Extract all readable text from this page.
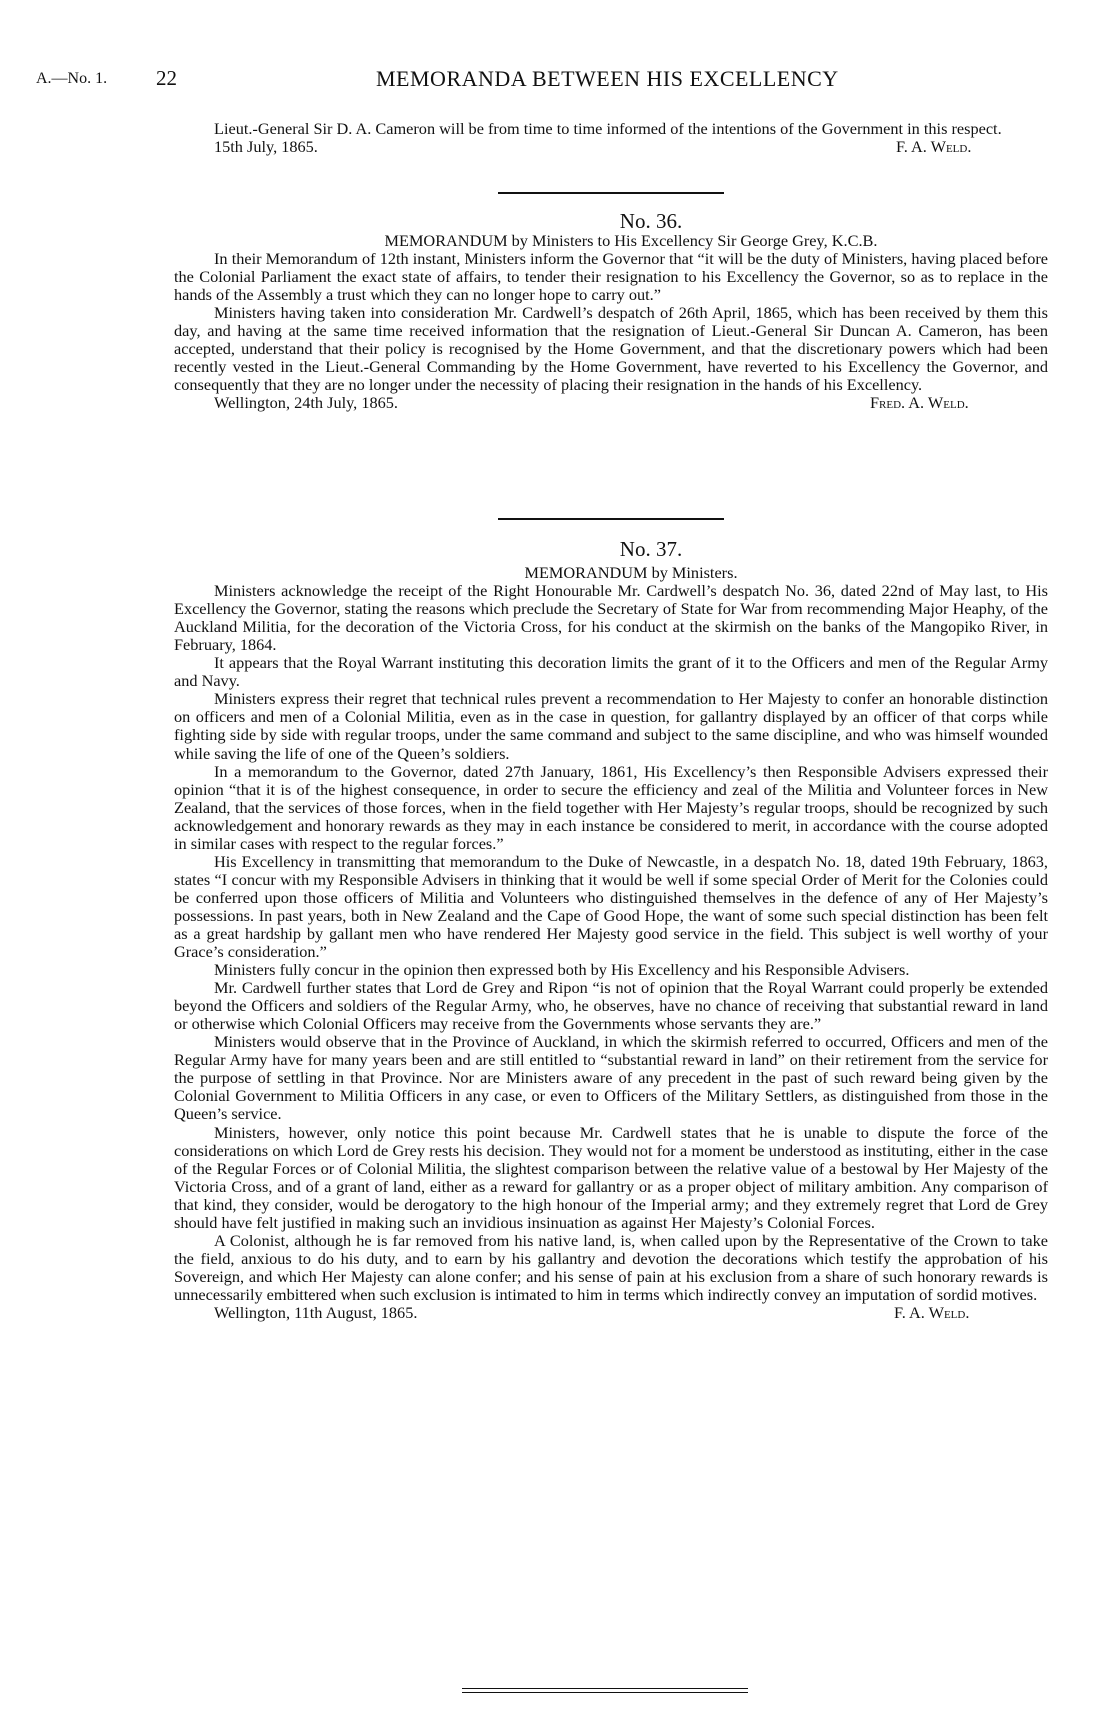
A.—No. 1. 22	MEMORANDA BETWEEN HIS EXCELLENCY

Lieut.-General Sir D. A. Cameron will be from time to time informed of the intentions of the Government in this respect.

15th July, 1865.	F. A. Weld.

No. 36.

MEMORANDUM by Ministers to His Excellency Sir George Grey, K.C.B.

In their Memorandum of 12th instant, Ministers inform the Governor that “it will be the duty of Ministers, having placed before the Colonial Parliament the exact state of affairs, to tender their resignation to his Excellency the Governor, so as to replace in the hands of the Assembly a trust which they can no longer hope to carry out.”

Ministers having taken into consideration Mr. Cardwell’s despatch of 26th April, 1865, which has been received by them this day, and having at the same time received information that the resignation of Lieut.-General Sir Duncan A. Cameron, has been accepted, understand that their policy is recognised by the Home Government, and that the discretionary powers which had been recently vested in the Lieut.-General Commanding by the Home Government, have reverted to his Excellency the Governor, and consequently that they are no longer under the necessity of placing their resignation in the hands of his Excellency.

Wellington, 24th July, 1865.	Fred. A. Weld.

No. 37.

MEMORANDUM by Ministers.

Ministers acknowledge the receipt of the Right Honourable Mr. Cardwell’s despatch No. 36, dated 22nd of May last, to His Excellency the Governor, stating the reasons which preclude the Secretary of State for War from recommending Major Heaphy, of the Auckland Militia, for the decoration of the Victoria Cross, for his conduct at the skirmish on the banks of the Mangopiko River, in February, 1864.

It appears that the Royal Warrant instituting this decoration limits the grant of it to the Officers and men of the Regular Army and Navy.

Ministers express their regret that technical rules prevent a recommendation to Her Majesty to confer an honorable distinction on officers and men of a Colonial Militia, even as in the case in question, for gallantry displayed by an officer of that corps while fighting side by side with regular troops, under the same command and subject to the same discipline, and who was himself wounded while saving the life of one of the Queen’s soldiers.

In a memorandum to the Governor, dated 27th January, 1861, His Excellency’s then Responsible Advisers expressed their opinion “that it is of the highest consequence, in order to secure the efficiency and zeal of the Militia and Volunteer forces in New Zealand, that the services of those forces, when in the field together with Her Majesty’s regular troops, should be recognized by such acknowledgement and honorary rewards as they may in each instance be considered to merit, in accordance with the course adopted in similar cases with respect to the regular forces.”

His Excellency in transmitting that memorandum to the Duke of Newcastle, in a despatch No. 18, dated 19th February, 1863, states “I concur with my Responsible Advisers in thinking that it would be well if some special Order of Merit for the Colonies could be conferred upon those officers of Militia and Volunteers who distinguished themselves in the defence of any of Her Majesty’s possessions. In past years, both in New Zealand and the Cape of Good Hope, the want of some such special distinction has been felt as a great hardship by gallant men who have rendered Her Majesty good service in the field. This subject is well worthy of your Grace’s consideration.”

Ministers fully concur in the opinion then expressed both by His Excellency and his Responsible Advisers.

Mr. Cardwell further states that Lord de Grey and Ripon “is not of opinion that the Royal Warrant could properly be extended beyond the Officers and soldiers of the Regular Army, who, he observes, have no chance of receiving that substantial reward in land or otherwise which Colonial Officers may receive from the Governments whose servants they are.”

Ministers would observe that in the Province of Auckland, in which the skirmish referred to occurred, Officers and men of the Regular Army have for many years been and are still entitled to “substantial reward in land” on their retirement from the service for the purpose of settling in that Province. Nor are Ministers aware of any precedent in the past of such reward being given by the Colonial Government to Militia Officers in any case, or even to Officers of the Military Settlers, as distinguished from those in the Queen’s service.

Ministers, however, only notice this point because Mr. Cardwell states that he is unable to dispute the force of the considerations on which Lord de Grey rests his decision. They would not for a moment be understood as instituting, either in the case of the Regular Forces or of Colonial Militia, the slightest comparison between the relative value of a bestowal by Her Majesty of the Victoria Cross, and of a grant of land, either as a reward for gallantry or as a proper object of military ambition. Any comparison of that kind, they consider, would be derogatory to the high honour of the Imperial army; and they extremely regret that Lord de Grey should have felt justified in making such an invidious insinuation as against Her Majesty’s Colonial Forces.

A Colonist, although he is far removed from his native land, is, when called upon by the Representative of the Crown to take the field, anxious to do his duty, and to earn by his gallantry and devotion the decorations which testify the approbation of his Sovereign, and which Her Majesty can alone confer; and his sense of pain at his exclusion from a share of such honorary rewards is unnecessarily embittered when such exclusion is intimated to him in terms which indirectly convey an imputation of sordid motives.

Wellington, 11th August, 1865.	F. A. Weld.
